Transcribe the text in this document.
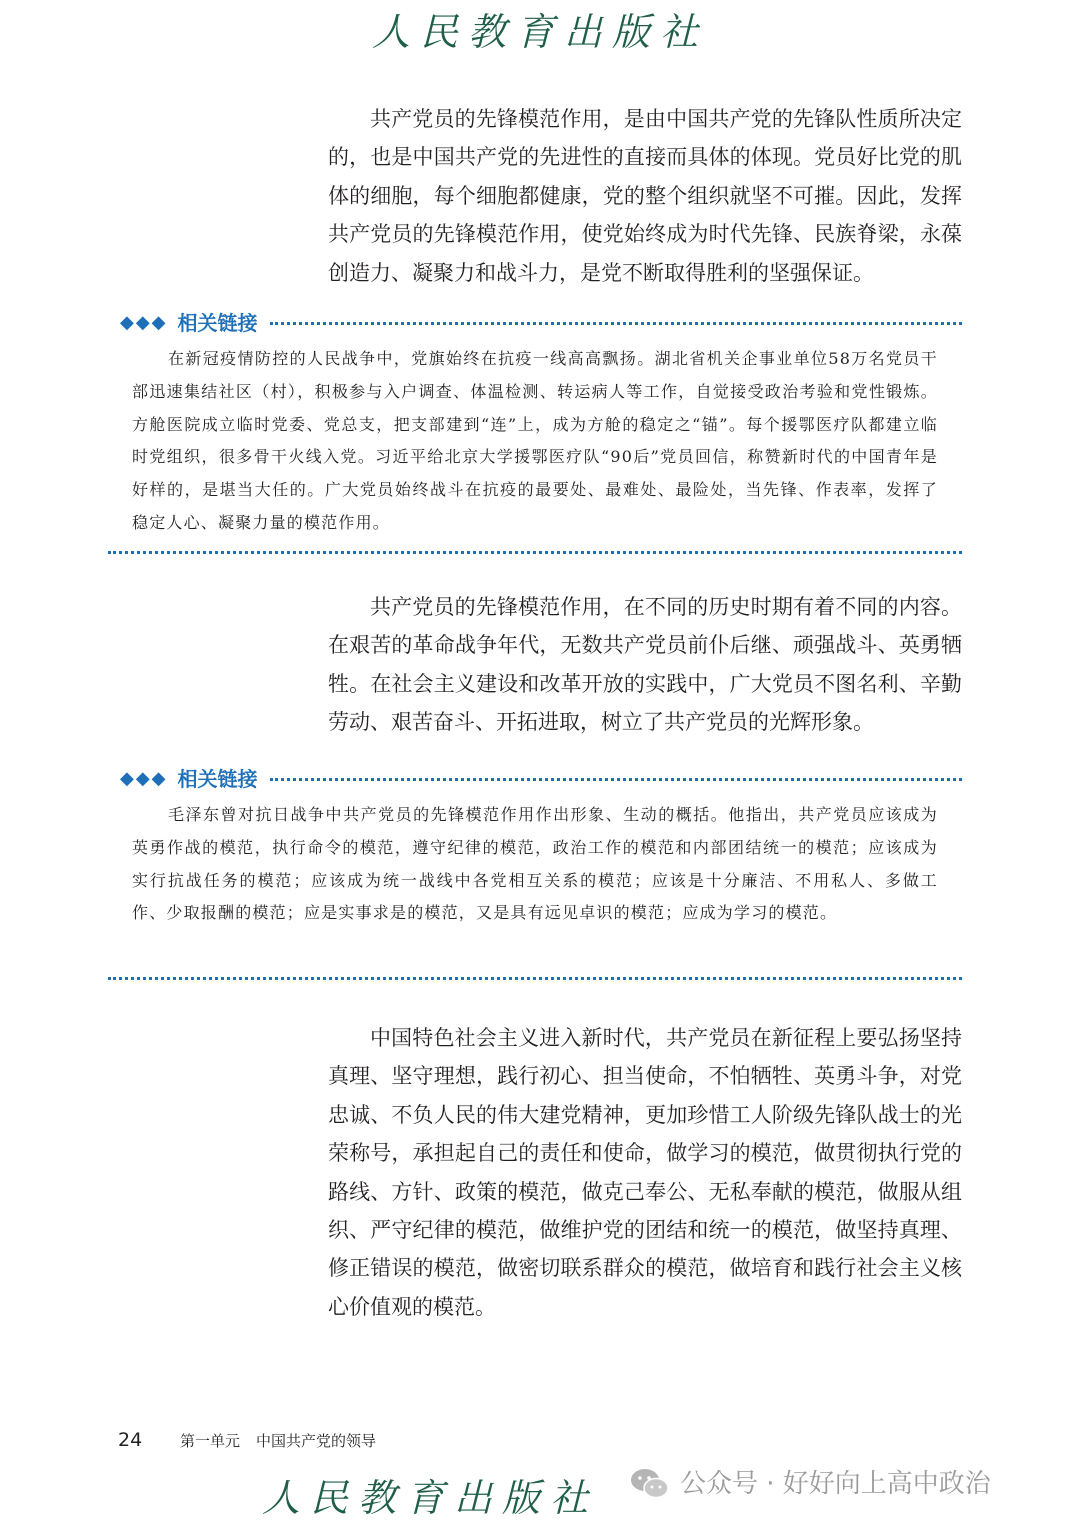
人民教育出版社

共产党员的先锋模范作用，是由中国共产党的先锋队性质所决定的，也是中国共产党的先进性的直接而具体的体现。党员好比党的肌体的细胞，每个细胞都健康，党的整个组织就坚不可摧。因此，发挥共产党员的先锋模范作用，使党始终成为时代先锋、民族脊梁，永葆创造力、凝聚力和战斗力，是党不断取得胜利的坚强保证。

◆◆◆ 相关链接

在新冠疫情防控的人民战争中，党旗始终在抗疫一线高高飘扬。湖北省机关企事业单位58万名党员干部迅速集结社区（村），积极参与入户调查、体温检测、转运病人等工作，自觉接受政治考验和党性锻炼。方舱医院成立临时党委、党总支，把支部建到“连”上，成为方舱的稳定之“锚”。每个援鄂医疗队都建立临时党组织，很多骨干火线入党。习近平给北京大学援鄂医疗队“90后”党员回信，称赞新时代的中国青年是好样的，是堪当大任的。广大党员始终战斗在抗疫的最要处、最难处、最险处，当先锋、作表率，发挥了稳定人心、凝聚力量的模范作用。

共产党员的先锋模范作用，在不同的历史时期有着不同的内容。在艰苦的革命战争年代，无数共产党员前仆后继、顽强战斗、英勇牺牲。在社会主义建设和改革开放的实践中，广大党员不图名利、辛勤劳动、艰苦奋斗、开拓进取，树立了共产党员的光辉形象。

◆◆◆ 相关链接

毛泽东曾对抗日战争中共产党员的先锋模范作用作出形象、生动的概括。他指出，共产党员应该成为英勇作战的模范，执行命令的模范，遵守纪律的模范，政治工作的模范和内部团结统一的模范；应该成为实行抗战任务的模范；应该成为统一战线中各党相互关系的模范；应该是十分廉洁、不用私人、多做工作、少取报酬的模范；应是实事求是的模范，又是具有远见卓识的模范；应成为学习的模范。

中国特色社会主义进入新时代，共产党员在新征程上要弘扬坚持真理、坚守理想，践行初心、担当使命，不怕牺牲、英勇斗争，对党忠诚、不负人民的伟大建党精神，更加珍惜工人阶级先锋队战士的光荣称号，承担起自己的责任和使命，做学习的模范，做贯彻执行党的路线、方针、政策的模范，做克己奉公、无私奉献的模范，做服从组织、严守纪律的模范，做维护党的团结和统一的模范，做坚持真理、修正错误的模范，做密切联系群众的模范，做培育和践行社会主义核心价值观的模范。

24	第一单元 中国共产党的领导
人民教育出版社	公众号 · 好好向上高中政治
